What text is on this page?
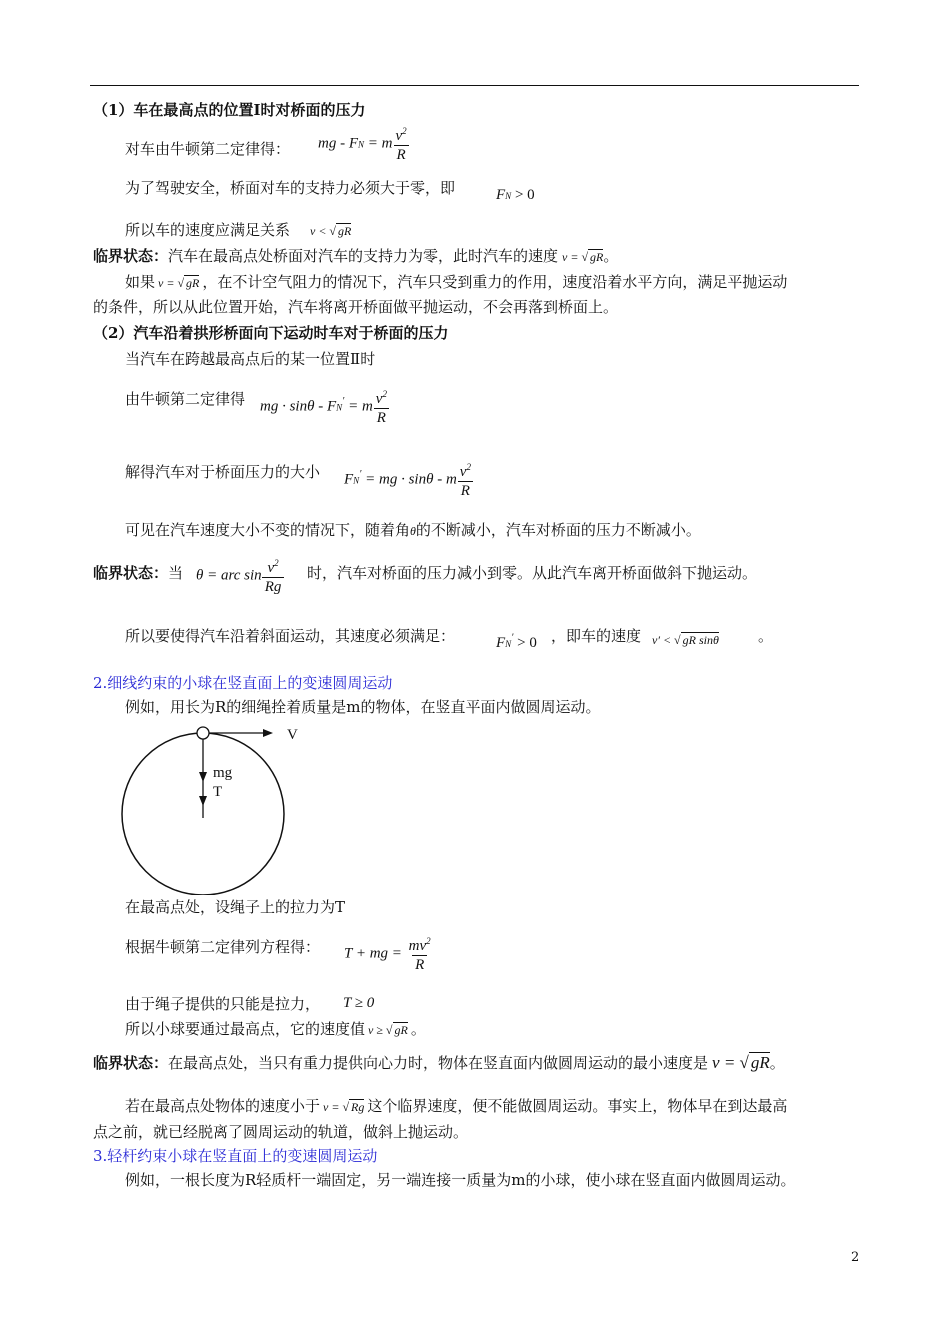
（1）车在最高点的位置Ⅰ时对桥面的压力
对车由牛顿第二定律得： mg - FN = m $\frac{v^2}{R}$
为了驾驶安全，桥面对车的支持力必须大于零，即	FN > 0
所以车的速度应满足关系 v < √ gR
临界状态：汽车在最高点处桥面对汽车的支持力为零，此时汽车的速度 v = √ gR。
如果 v = √ gR ，在不计空气阻力的情况下，汽车只受到重力的作用，速度沿着水平方向，满足平抛运动
的条件，所以从此位置开始，汽车将离开桥面做平抛运动，不会再落到桥面上。
（2）汽车沿着拱形桥面向下运动时车对于桥面的压力
当汽车在跨越最高点后的某一位置Ⅱ时
由牛顿第二定律得 mg · sinθ - FN′ = m $\frac{v^2}{R}$
解得汽车对于桥面压力的大小 FN′ = mg · sinθ - m $\frac{v^2}{R}$
可见在汽车速度大小不变的情况下，随着角θ的不断减小，汽车对桥面的压力不断减小。
临界状态：当 θ = arc $\sin \frac{v^2}{Rg}$ 时，汽车对桥面的压力减小到零。从此汽车离开桥面做斜下抛运动。
所以要使得汽车沿着斜面运动，其速度必须满足：	FN′ > 0 ，即车的速度 v′ < √ gR sinθ	。
2.细线约束的小球在竖直面上的变速圆周运动
例如，用长为R的细绳拴着质量是m的物体，在竖直平面内做圆周运动。
V
mg
T
在最高点处，设绳子上的拉力为T
根据牛顿第二定律列方程得： T + mg = $\frac{mv^2}{R}$
由于绳子提供的只能是拉力， T ≥ 0
所以小球要通过最高点，它的速度值 v ≥ √ gR 。
临界状态：在最高点处，当只有重力提供向心力时，物体在竖直面内做圆周运动的最小速度是 v = √ gR。
若在最高点处物体的速度小于 v = √ Rg 这个临界速度，便不能做圆周运动。事实上，物体早在到达最高
点之前，就已经脱离了圆周运动的轨道，做斜上抛运动。
3.轻杆约束小球在竖直面上的变速圆周运动
例如，一根长度为R轻质杆一端固定，另一端连接一质量为m的小球，使小球在竖直面内做圆周运动。
2
